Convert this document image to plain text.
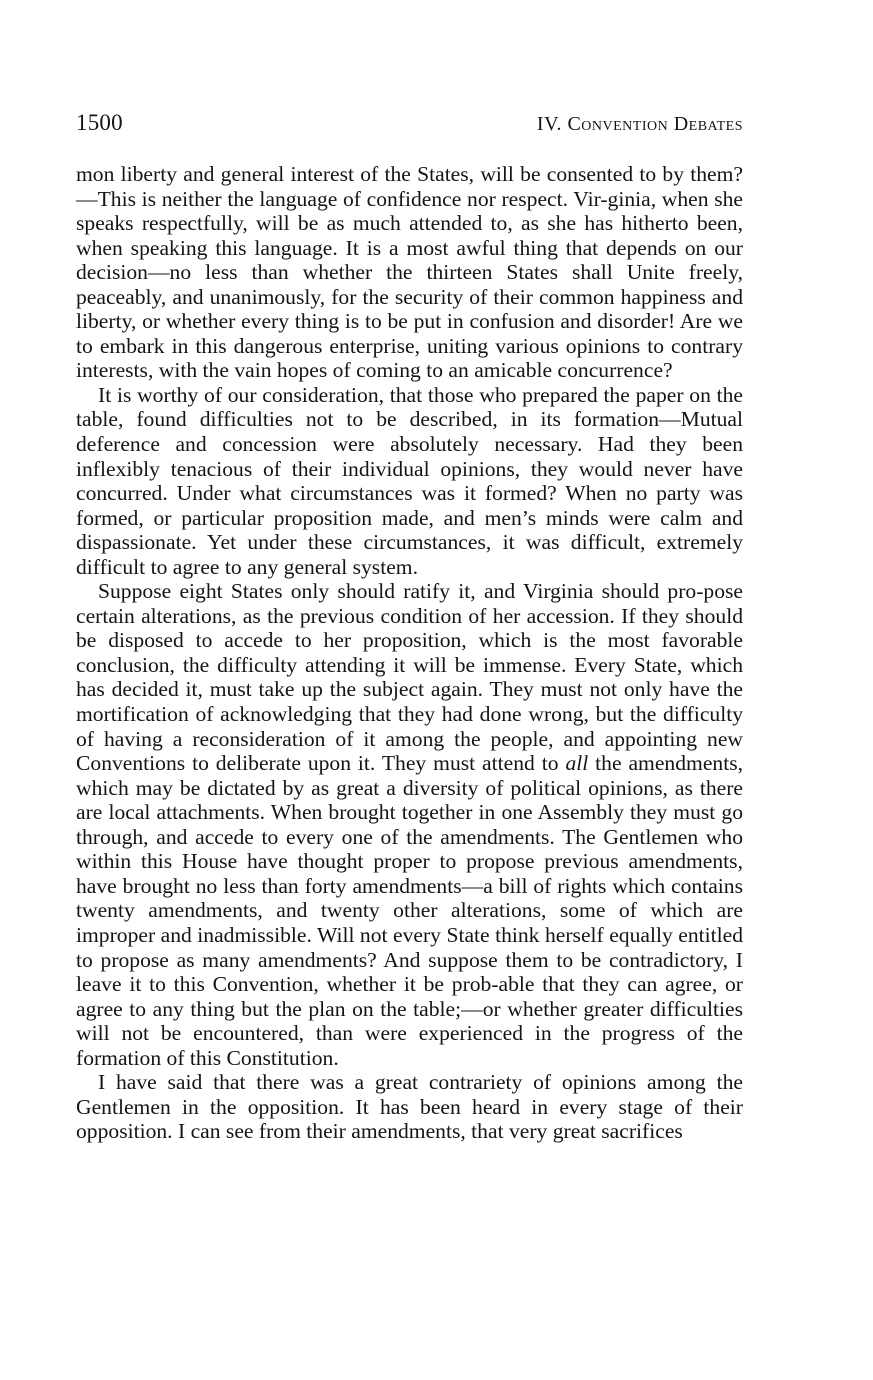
1500	IV. Convention Debates

mon liberty and general interest of the States, will be consented to by them?—This is neither the language of confidence nor respect. Vir-ginia, when she speaks respectfully, will be as much attended to, as she has hitherto been, when speaking this language. It is a most awful thing that depends on our decision—no less than whether the thirteen States shall Unite freely, peaceably, and unanimously, for the security of their common happiness and liberty, or whether every thing is to be put in confusion and disorder! Are we to embark in this dangerous enterprise, uniting various opinions to contrary interests, with the vain hopes of coming to an amicable concurrence?

It is worthy of our consideration, that those who prepared the paper on the table, found difficulties not to be described, in its formation—Mutual deference and concession were absolutely necessary. Had they been inflexibly tenacious of their individual opinions, they would never have concurred. Under what circumstances was it formed? When no party was formed, or particular proposition made, and men’s minds were calm and dispassionate. Yet under these circumstances, it was difficult, extremely difficult to agree to any general system.

Suppose eight States only should ratify it, and Virginia should pro-pose certain alterations, as the previous condition of her accession. If they should be disposed to accede to her proposition, which is the most favorable conclusion, the difficulty attending it will be immense. Every State, which has decided it, must take up the subject again. They must not only have the mortification of acknowledging that they had done wrong, but the difficulty of having a reconsideration of it among the people, and appointing new Conventions to deliberate upon it. They must attend to all the amendments, which may be dictated by as great a diversity of political opinions, as there are local attachments. When brought together in one Assembly they must go through, and accede to every one of the amendments. The Gentlemen who within this House have thought proper to propose previous amendments, have brought no less than forty amendments—a bill of rights which contains twenty amendments, and twenty other alterations, some of which are improper and inadmissible. Will not every State think herself equally entitled to propose as many amendments? And suppose them to be contradictory, I leave it to this Convention, whether it be prob-able that they can agree, or agree to any thing but the plan on the table;—or whether greater difficulties will not be encountered, than were experienced in the progress of the formation of this Constitution.

I have said that there was a great contrariety of opinions among the Gentlemen in the opposition. It has been heard in every stage of their opposition. I can see from their amendments, that very great sacrifices
